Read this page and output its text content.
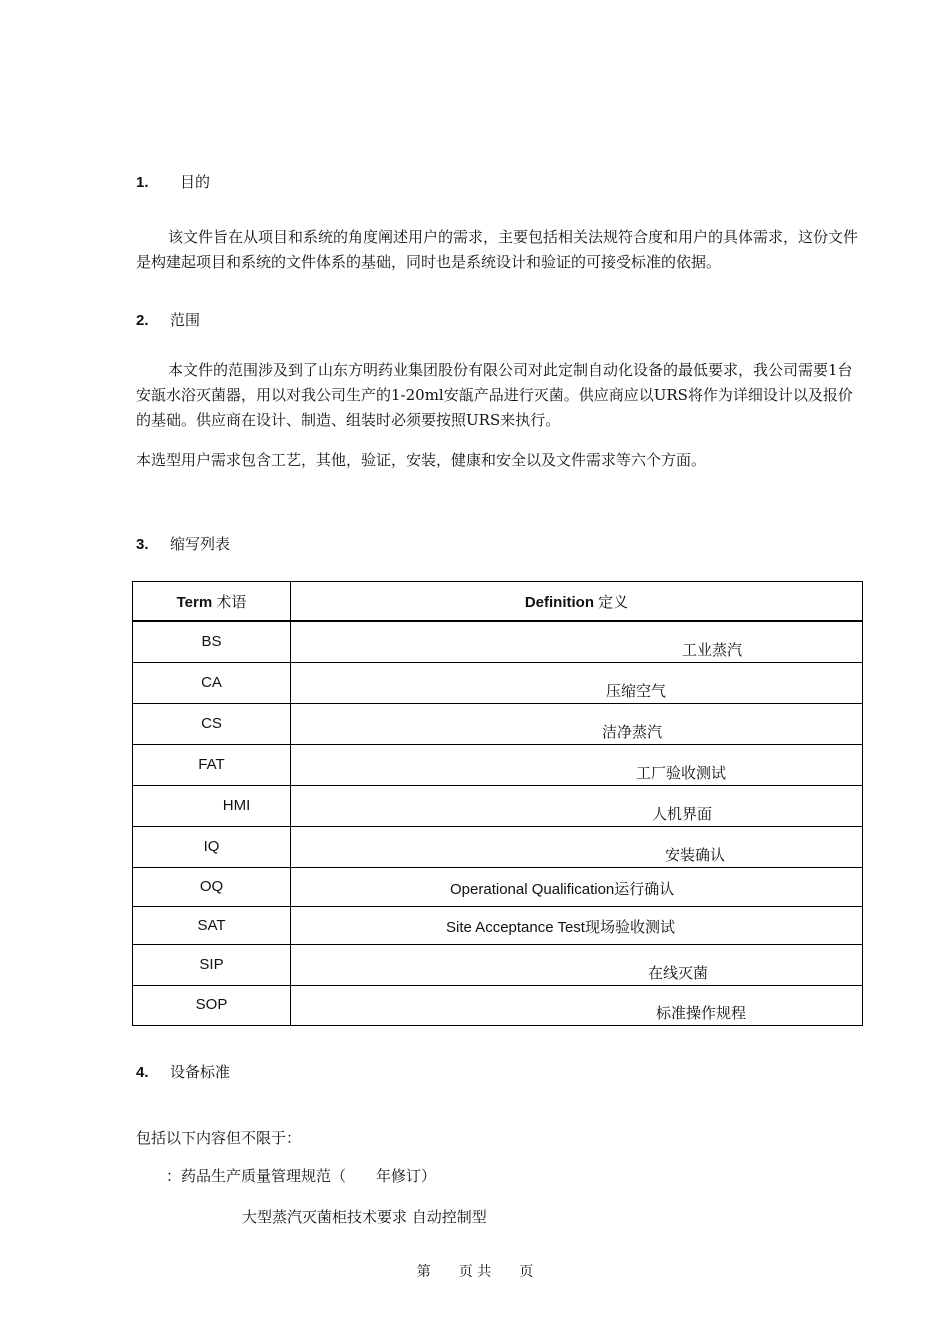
1. 目的
该文件旨在从项目和系统的角度阐述用户的需求，主要包括相关法规符合度和用户的具体需求，这份文件是构建起项目和系统的文件体系的基础，同时也是系统设计和验证的可接受标准的依据。
2. 范围
本文件的范围涉及到了山东方明药业集团股份有限公司对此定制自动化设备的最低要求，我公司需要1台安瓿水浴灭菌器，用以对我公司生产的1-20ml安瓿产品进行灭菌。供应商应以URS将作为详细设计以及报价的基础。供应商在设计、制造、组装时必须要按照URS来执行。
本选型用户需求包含工艺，其他，验证，安装，健康和安全以及文件需求等六个方面。
3. 缩写列表
Term 术语	Definition 定义
BS	工业蒸汽

CA	压缩空气

CS	洁净蒸汽

FAT	工厂验收测试

HMI	人机界面

IQ	安装确认

OQ	Operational Qualification运行确认

SAT	Site Acceptance Test现场验收测试

SIP	在线灭菌

SOP	标准操作规程
4. 设备标准
包括以下内容但不限于：
：药品生产质量管理规范（　　年修订）
大型蒸汽灭菌柜技术要求 自动控制型
第　　页 共　　页
